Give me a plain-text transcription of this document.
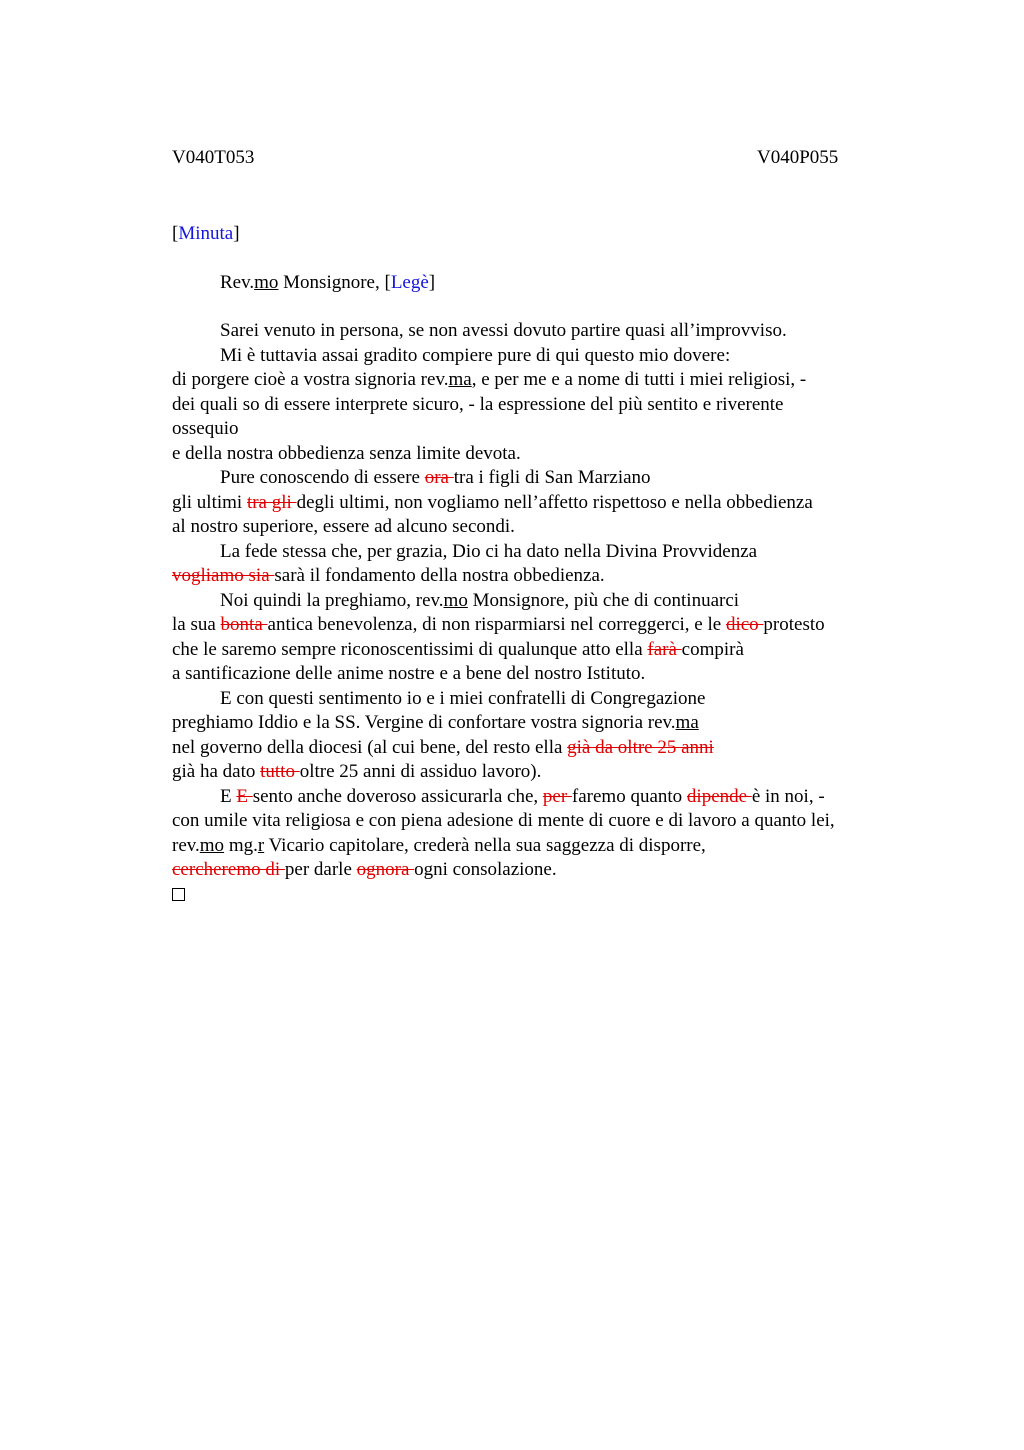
V040T053	V040P055
[Minuta]
Rev.mo Monsignore, [Legè]
Sarei venuto in persona, se non avessi dovuto partire quasi all’improvviso.
Mi è tuttavia assai gradito compiere pure di qui questo mio dovere:
di porgere cioè a vostra signoria rev.ma, e per me e a nome di tutti i miei religiosi, -
dei quali so di essere interprete sicuro, - la espressione del più sentito e riverente
ossequio
e della nostra obbedienza senza limite devota.
Pure conoscendo di essere ora tra i figli di San Marziano
gli ultimi tra gli degli ultimi, non vogliamo nell’affetto rispettoso e nella obbedienza
al nostro superiore, essere ad alcuno secondi.
La fede stessa che, per grazia, Dio ci ha dato nella Divina Provvidenza
vogliamo sia sarà il fondamento della nostra obbedienza.
Noi quindi la preghiamo, rev.mo Monsignore, più che di continuarci
la sua bonta antica benevolenza, di non risparmiarsi nel correggerci, e le dico protesto
che le saremo sempre riconoscentissimi di qualunque atto ella farà compirà
a santificazione delle anime nostre e a bene del nostro Istituto.
E con questi sentimento io e i miei confratelli di Congregazione
preghiamo Iddio e la SS. Vergine di confortare vostra signoria rev.ma
nel governo della diocesi (al cui bene, del resto ella già da oltre 25 anni
già ha dato tutto oltre 25 anni di assiduo lavoro).
E E sento anche doveroso assicurarla che, per faremo quanto dipende è in noi, -
con umile vita religiosa e con piena adesione di mente di cuore e di lavoro a quanto lei,
rev.mo mg.r Vicario capitolare, crederà nella sua saggezza di disporre,
cercheremo di per darle ognora ogni consolazione.
